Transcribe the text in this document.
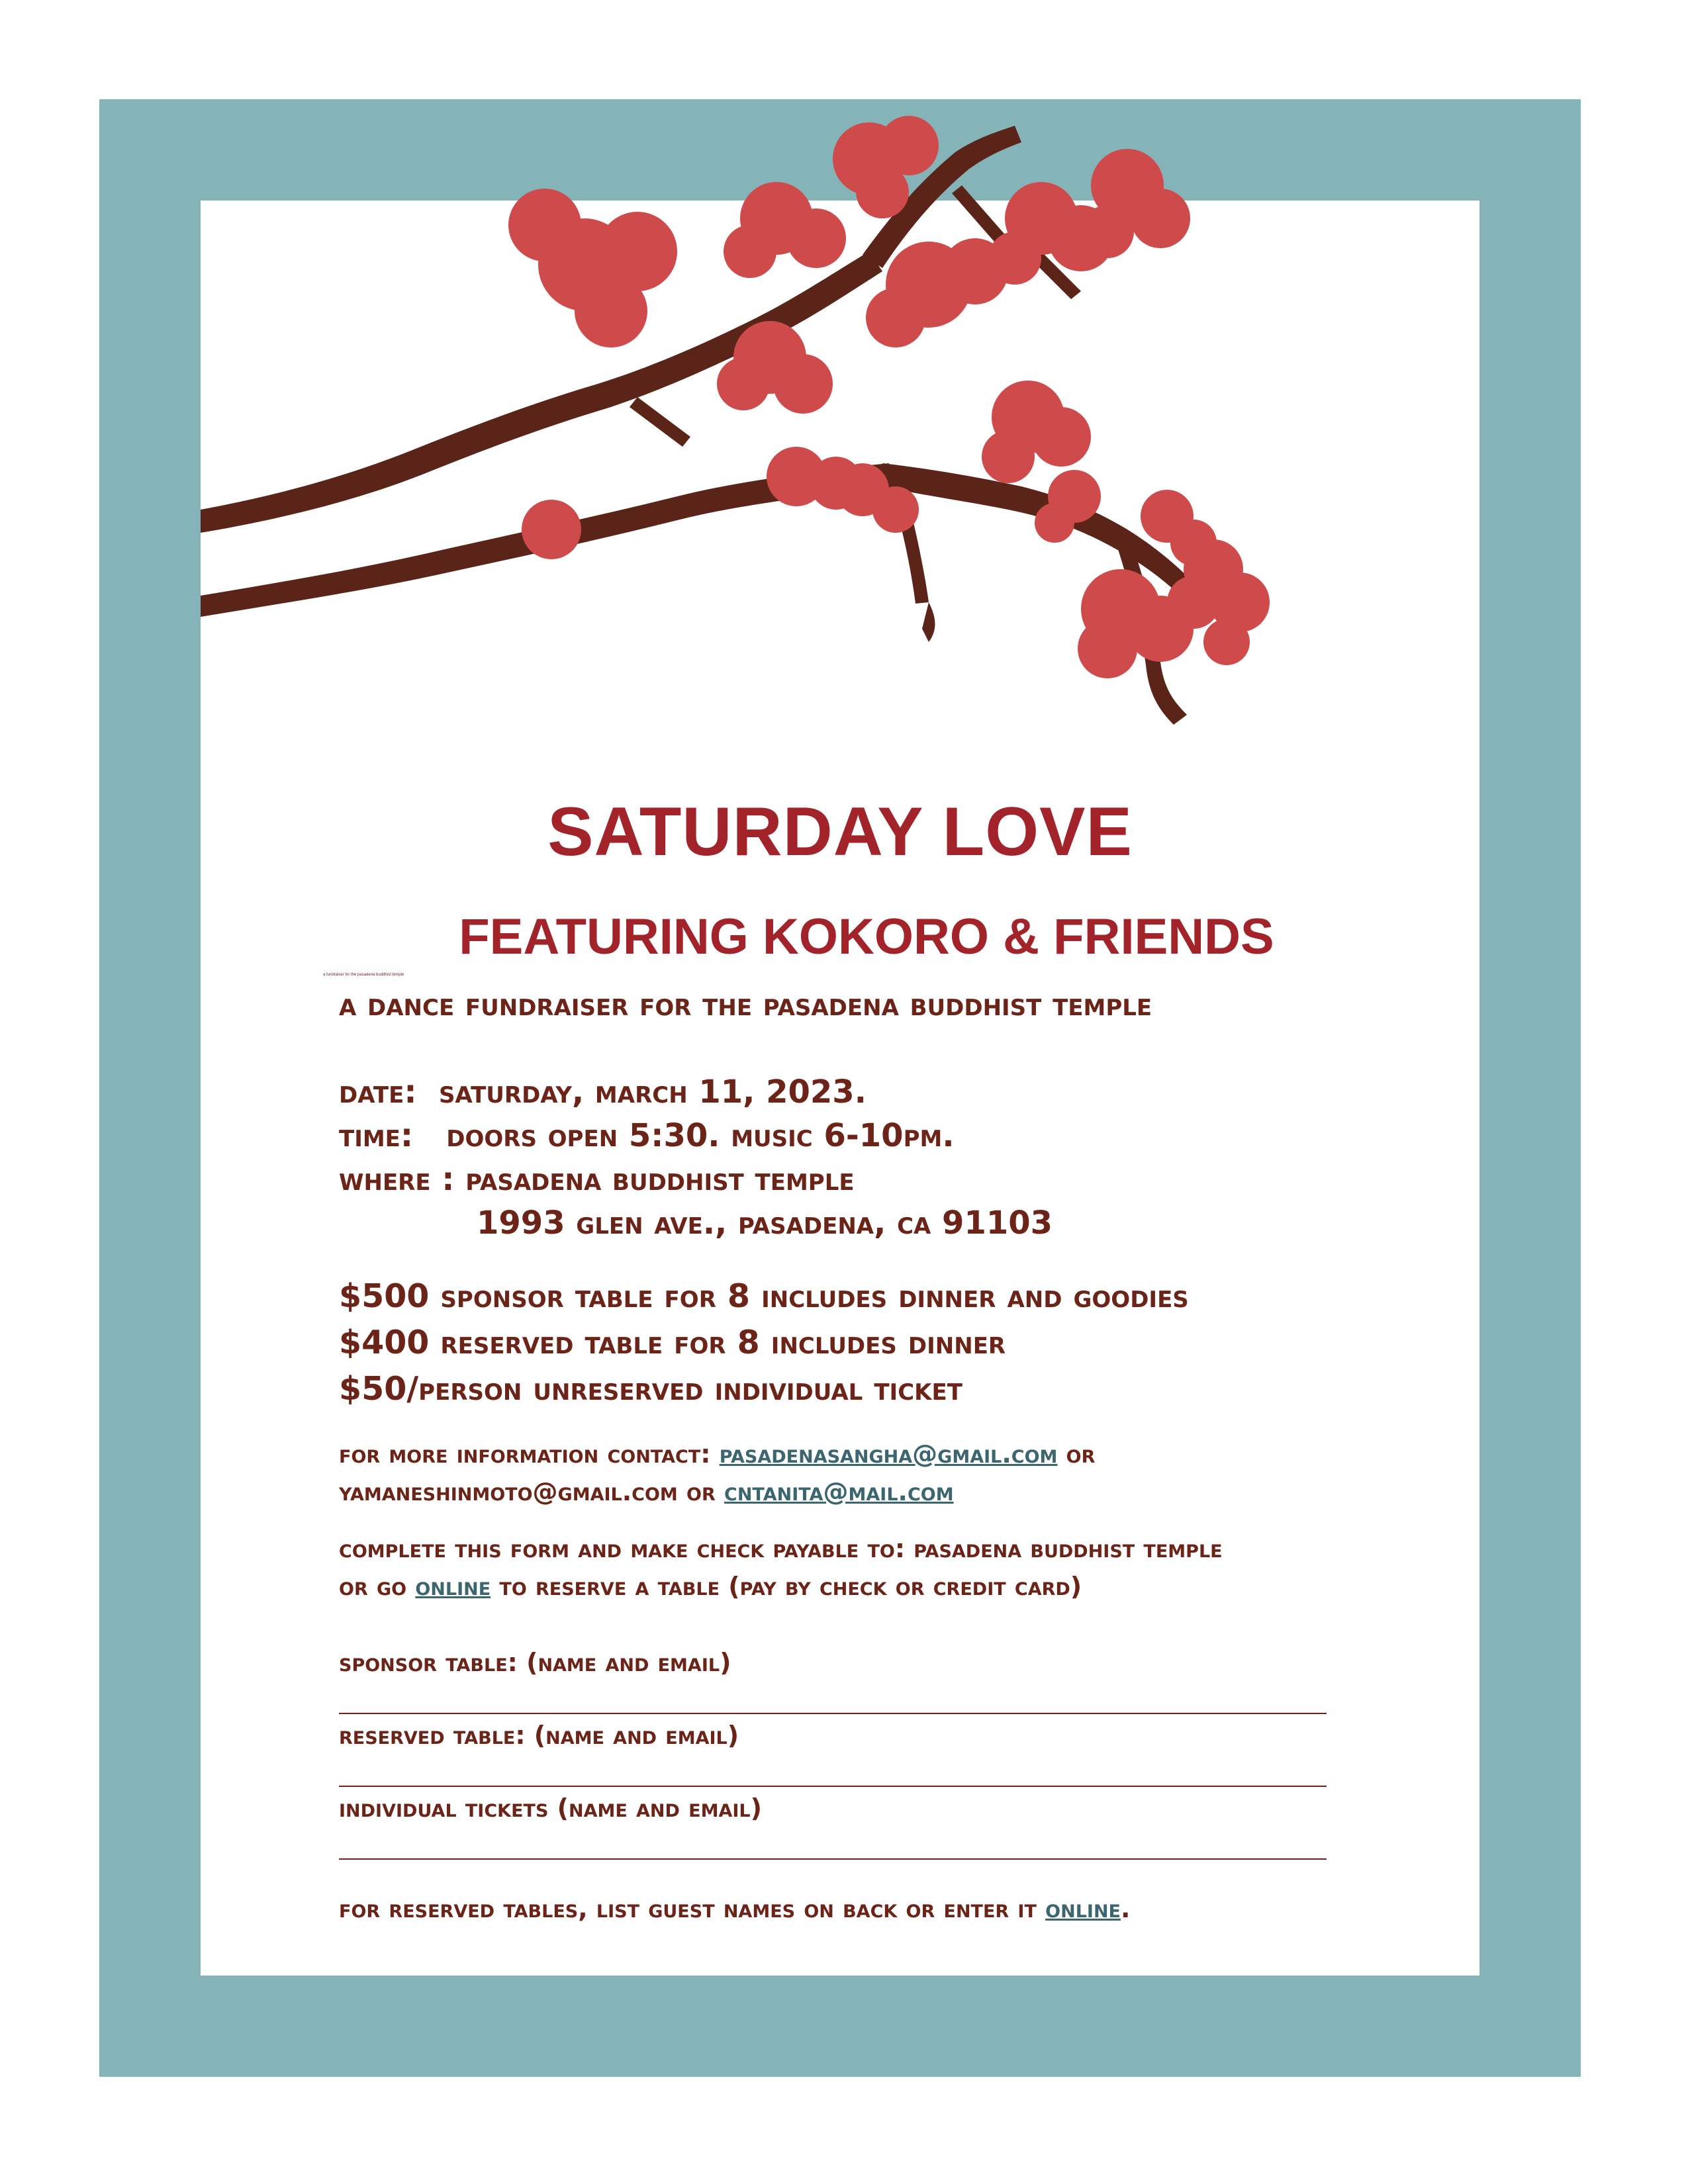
SATURDAY LOVE
FEATURING KOKORO & FRIENDS
a fundraiser for the pasadena buddhist temple
a dance fundraiser for the pasadena buddhist temple
date: saturday, march 11, 2023.
time: doors open 5:30. music 6-10pm.
where : pasadena buddhist temple
1993 glen ave., pasadena, ca 91103
$500 sponsor table for 8 includes dinner and goodies
$400 reserved table for 8 includes dinner
$50/person unreserved individual ticket
for more information contact: pasadenasangha@gmail.com or
yamaneshinmoto@gmail.com or cntanita@mail.com
complete this form and make check payable to: pasadena buddhist temple
or go online to reserve a table (pay by check or credit card)
sponsor table: (name and email)
reserved table: (name and email)
individual tickets (name and email)
for reserved tables, list guest names on back or enter it online.
